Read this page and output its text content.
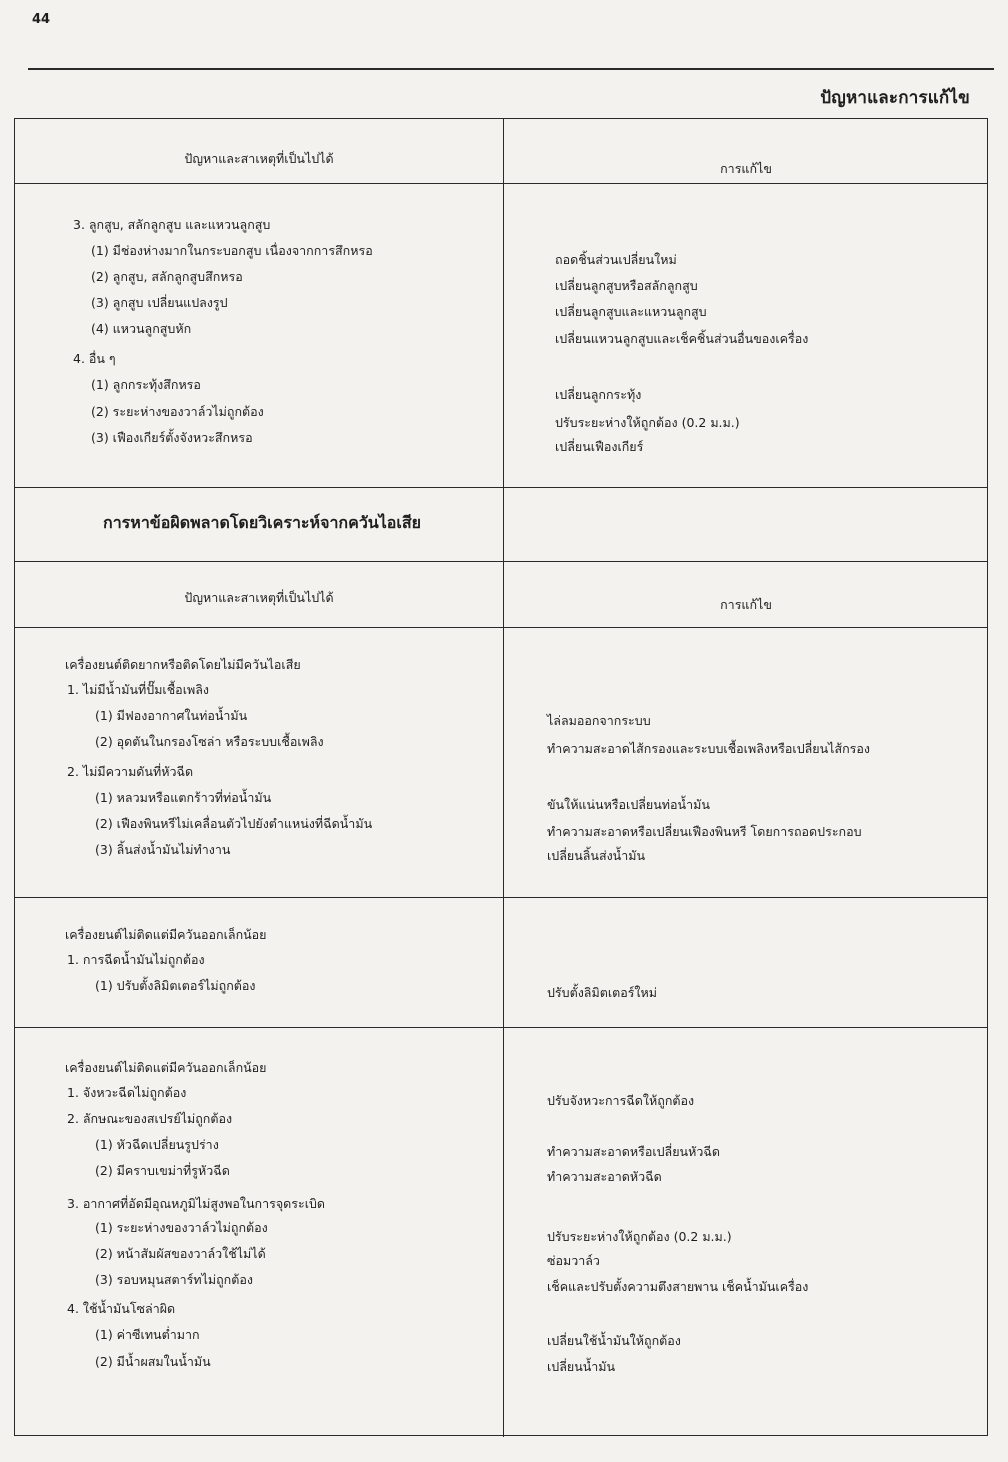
44
ปัญหาและการแก้ไข
ปัญหาและสาเหตุที่เป็นไปได้
การแก้ไข
3. ลูกสูบ, สลักลูกสูบ และแหวนลูกสูบ
(1) มีช่องห่างมากในกระบอกสูบ เนื่องจากการสึกหรอ
(2) ลูกสูบ, สลักลูกสูบสึกหรอ
(3) ลูกสูบ เปลี่ยนแปลงรูป
(4) แหวนลูกสูบหัก
4. อื่น ๆ
(1) ลูกกระทุ้งสึกหรอ
(2) ระยะห่างของวาล์วไม่ถูกต้อง
(3) เฟืองเกียร์ตั้งจังหวะสึกหรอ
ถอดชิ้นส่วนเปลี่ยนใหม่
เปลี่ยนลูกสูบหรือสลักลูกสูบ
เปลี่ยนลูกสูบและแหวนลูกสูบ
เปลี่ยนแหวนลูกสูบและเช็คชิ้นส่วนอื่นของเครื่อง
เปลี่ยนลูกกระทุ้ง
ปรับระยะห่างให้ถูกต้อง (0.2 ม.ม.)
เปลี่ยนเฟืองเกียร์
การหาข้อผิดพลาดโดยวิเคราะห์จากควันไอเสีย
ปัญหาและสาเหตุที่เป็นไปได้	การแก้ไข
เครื่องยนต์ติดยากหรือติดโดยไม่มีควันไอเสีย
1. ไม่มีน้ำมันที่ปั๊มเชื้อเพลิง
(1) มีฟองอากาศในท่อน้ำมัน
(2) อุดตันในกรองโซล่า หรือระบบเชื้อเพลิง
2. ไม่มีความดันที่หัวฉีด
(1) หลวมหรือแตกร้าวที่ท่อน้ำมัน
(2) เฟืองพินหรีไม่เคลื่อนตัวไปยังตำแหน่งที่ฉีดน้ำมัน
(3) ลิ้นส่งน้ำมันไม่ทำงาน
ไล่ลมออกจากระบบ
ทำความสะอาดไส้กรองและระบบเชื้อเพลิงหรือเปลี่ยนไส้กรอง
ขันให้แน่นหรือเปลี่ยนท่อน้ำมัน
ทำความสะอาดหรือเปลี่ยนเฟืองพินหรี โดยการถอดประกอบ
เปลี่ยนลิ้นส่งน้ำมัน
เครื่องยนต์ไม่ติดแต่มีควันออกเล็กน้อย
1. การฉีดน้ำมันไม่ถูกต้อง
(1) ปรับตั้งลิมิตเตอร์ไม่ถูกต้อง	ปรับตั้งลิมิตเตอร์ใหม่
เครื่องยนต์ไม่ติดแต่มีควันออกเล็กน้อย
1. จังหวะฉีดไม่ถูกต้อง
2. ลักษณะของสเปรย์ไม่ถูกต้อง
(1) หัวฉีดเปลี่ยนรูปร่าง
(2) มีคราบเขม่าที่รูหัวฉีด
3. อากาศที่อัดมีอุณหภูมิไม่สูงพอในการจุดระเบิด
(1) ระยะห่างของวาล์วไม่ถูกต้อง
(2) หน้าสัมผัสของวาล์วใช้ไม่ได้
(3) รอบหมุนสตาร์ทไม่ถูกต้อง
4. ใช้น้ำมันโซล่าผิด
(1) ค่าซีเทนต่ำมาก
(2) มีน้ำผสมในน้ำมัน
ปรับจังหวะการฉีดให้ถูกต้อง
ทำความสะอาดหรือเปลี่ยนหัวฉีด
ทำความสะอาดหัวฉีด
ปรับระยะห่างให้ถูกต้อง (0.2 ม.ม.)
ซ่อมวาล์ว
เช็คและปรับตั้งความตึงสายพาน เช็คน้ำมันเครื่อง
เปลี่ยนใช้น้ำมันให้ถูกต้อง
เปลี่ยนน้ำมัน
